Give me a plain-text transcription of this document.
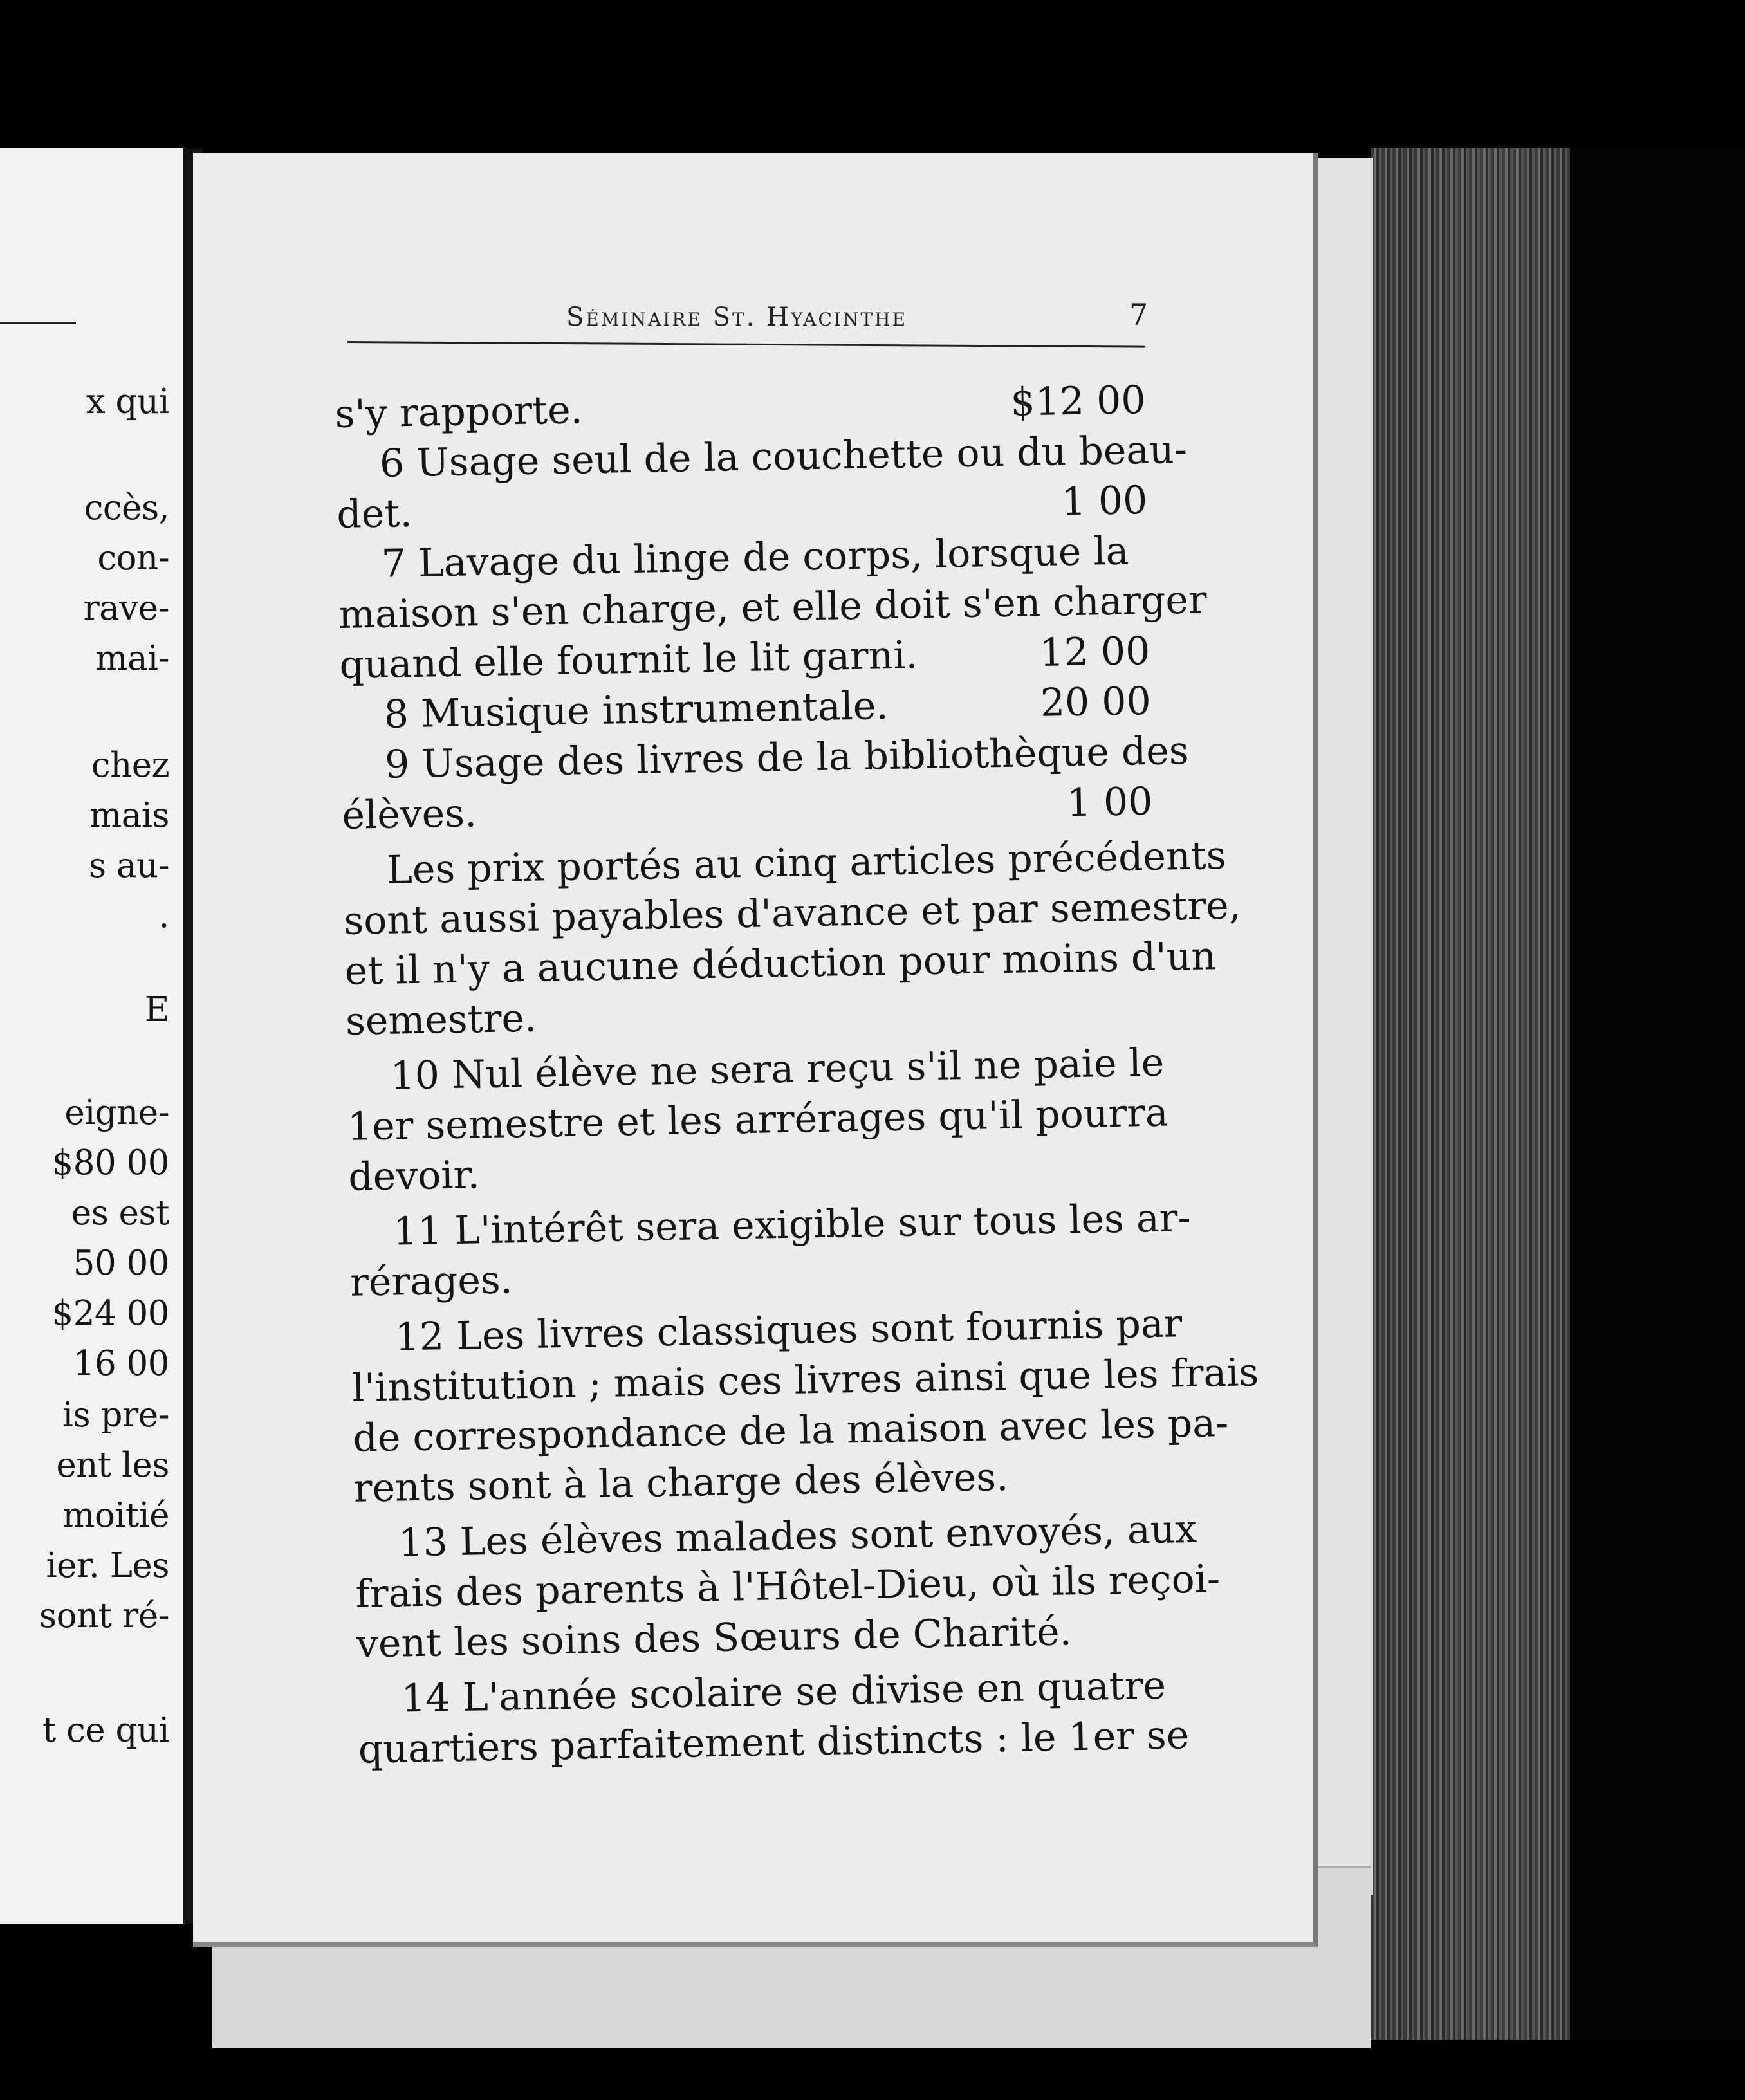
x qui
ccès,
con-
rave-
mai-
chez
mais
s au-
.
E
eigne-
$80 00
es est
50 00
$24 00
16 00
is pre-
ent les
moitié
ier. Les
sont ré-
t ce qui
Séminaire St. Hyacinthe	7
s'y rapporte.	$12 00
6 Usage seul de la couchette ou du beau-
det.	1 00
7 Lavage du linge de corps, lorsque la
maison s'en charge, et elle doit s'en charger
quand elle fournit le lit garni.	12 00
8 Musique instrumentale.	20 00
9 Usage des livres de la bibliothèque des
élèves.	1 00
Les prix portés au cinq articles précédents
sont aussi payables d'avance et par semestre,
et il n'y a aucune déduction pour moins d'un
semestre.
10 Nul élève ne sera reçu s'il ne paie le
1er semestre et les arrérages qu'il pourra
devoir.
11 L'intérêt sera exigible sur tous les ar-
rérages.
12 Les livres classiques sont fournis par
l'institution ; mais ces livres ainsi que les frais
de correspondance de la maison avec les pa-
rents sont à la charge des élèves.
13 Les élèves malades sont envoyés, aux
frais des parents à l'Hôtel-Dieu, où ils reçoi-
vent les soins des Sœurs de Charité.
14 L'année scolaire se divise en quatre
quartiers parfaitement distincts : le 1er se
